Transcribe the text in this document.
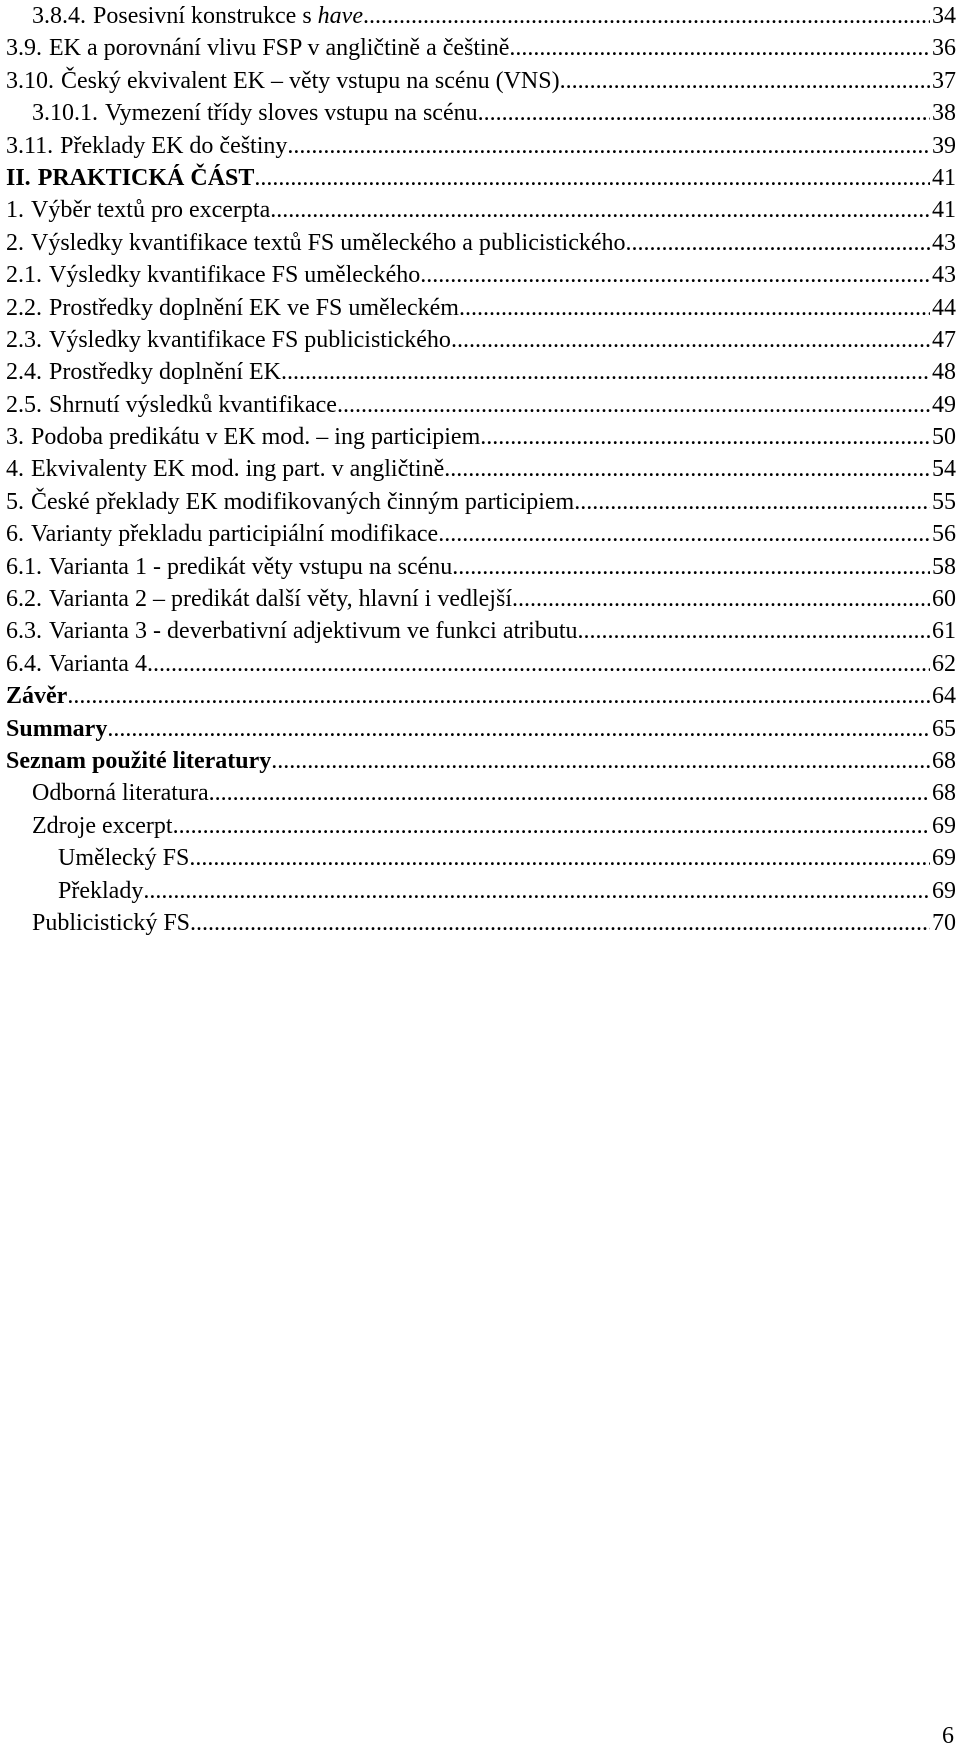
3.8.4. Posesivní konstrukce s have .....	34
3.9. EK a porovnání vlivu FSP v angličtině a češtině .....	36
3.10. Český ekvivalent EK – věty vstupu na scénu (VNS) .....	37
3.10.1. Vymezení třídy sloves vstupu na scénu .....	38
3.11. Překlady EK do češtiny .....	39
II. PRAKTICKÁ ČÁST .....	41
1. Výběr textů pro excerpta .....	41
2. Výsledky kvantifikace textů FS uměleckého a publicistického .....	43
2.1. Výsledky kvantifikace FS uměleckého .....	43
2.2. Prostředky doplnění EK ve FS uměleckém .....	44
2.3. Výsledky kvantifikace FS publicistického .....	47
2.4. Prostředky doplnění EK .....	48
2.5. Shrnutí výsledků kvantifikace .....	49
3. Podoba predikátu v EK mod. – ing participiem .....	50
4. Ekvivalenty EK mod. ing part. v angličtině .....	54
5. České překlady EK modifikovaných činným participiem .....	55
6. Varianty překladu participiální modifikace .....	56
6.1. Varianta 1 - predikát věty vstupu na scénu .....	58
6.2. Varianta 2 – predikát další věty, hlavní i vedlejší .....	60
6.3. Varianta 3 - deverbativní adjektivum ve funkci atributu .....	61
6.4. Varianta 4 .....	62
Závěr .....	64
Summary .....	65
Seznam použité literatury .....	68
Odborná literatura .....	68
Zdroje excerpt .....	69
Umělecký FS .....	69
Překlady .....	69
Publicistický FS .....	70
6
